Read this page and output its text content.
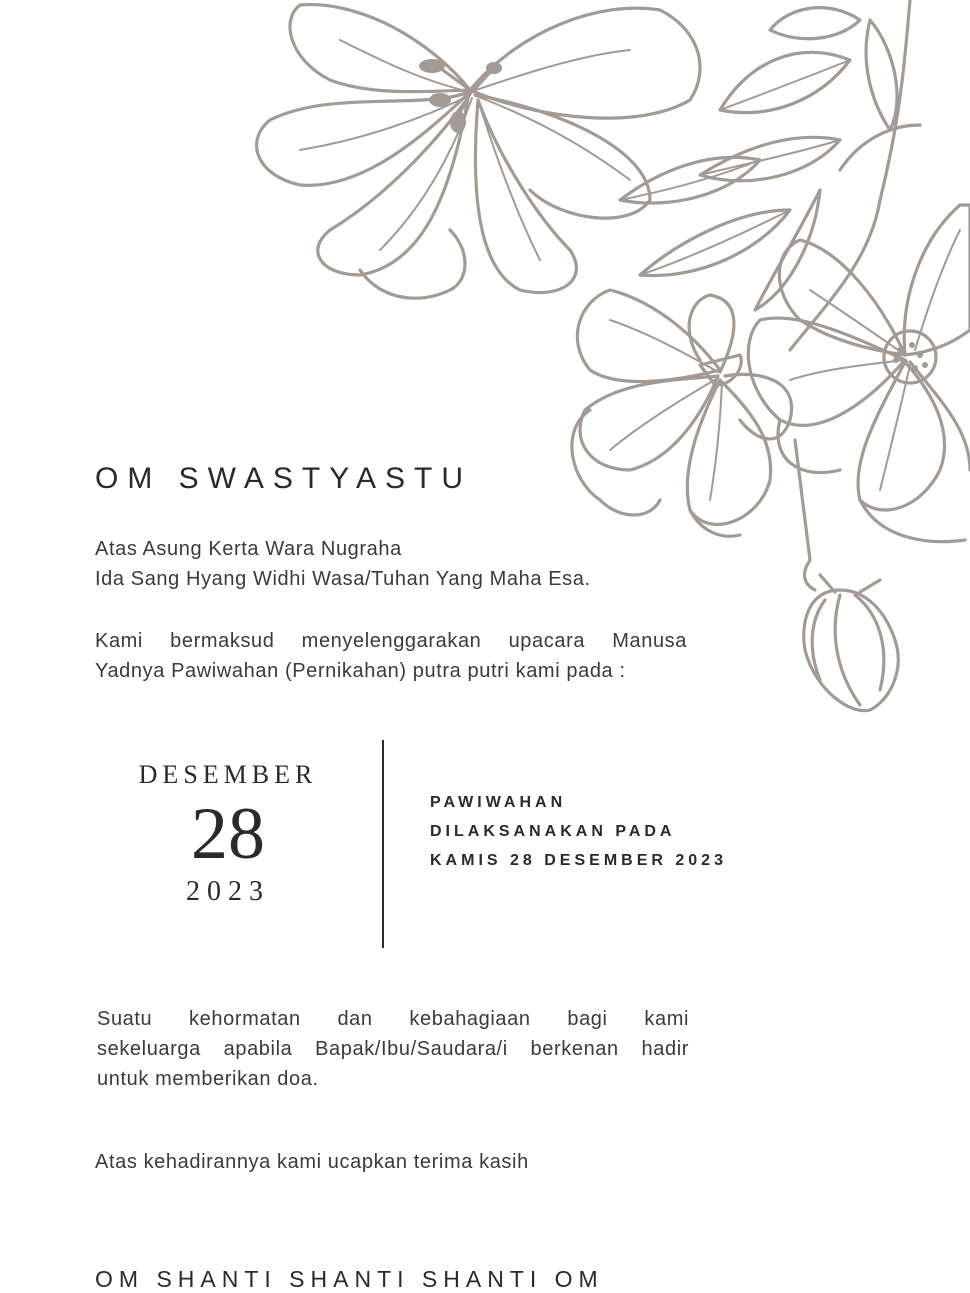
OM SWASTYASTU
Atas Asung Kerta Wara Nugraha
Ida Sang Hyang Widhi Wasa/Tuhan Yang Maha Esa.
Kami bermaksud menyelenggarakan upacara Manusa
Yadnya Pawiwahan (Pernikahan) putra putri kami pada :
DESEMBER
28
2023
PAWIWAHAN
DILAKSANAKAN PADA
KAMIS 28 DESEMBER 2023
Suatu kehormatan dan kebahagiaan bagi kami
sekeluarga apabila Bapak/Ibu/Saudara/i berkenan hadir
untuk memberikan doa.
Atas kehadirannya kami ucapkan terima kasih
OM SHANTI SHANTI SHANTI OM
